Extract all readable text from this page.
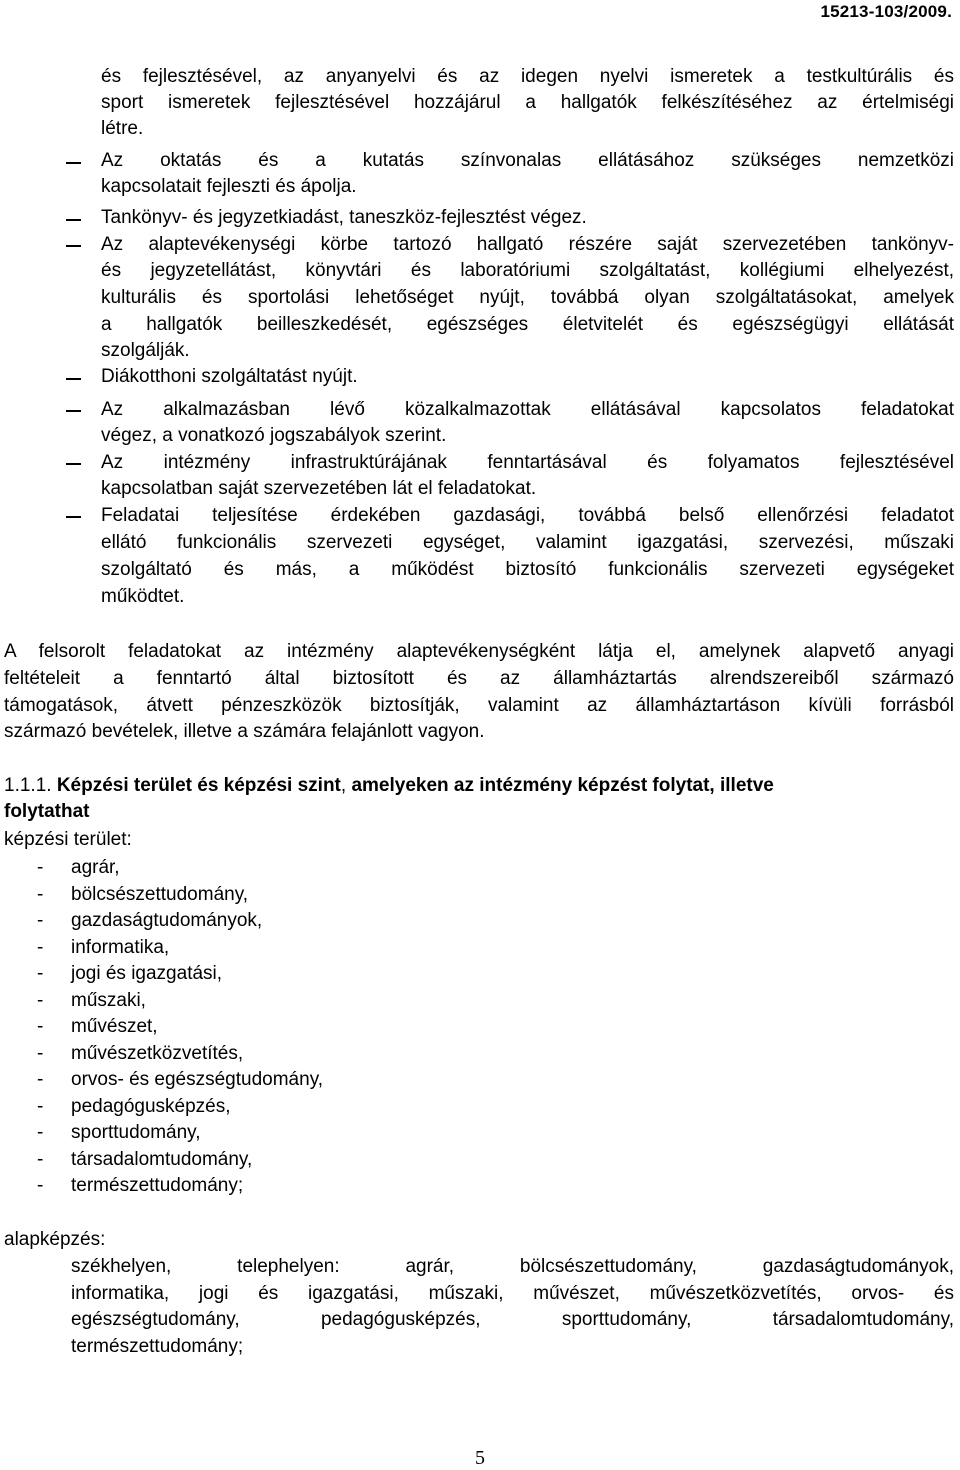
15213-103/2009.
és fejlesztésével, az anyanyelvi és az idegen nyelvi ismeretek a testkultúrális és
sport ismeretek fejlesztésével hozzájárul a hallgatók felkészítéséhez az értelmiségi
létre.
Az oktatás és a kutatás színvonalas ellátásához szükséges nemzetközi
kapcsolatait fejleszti és ápolja.
Tankönyv- és jegyzetkiadást, taneszköz-fejlesztést végez.
Az alaptevékenységi körbe tartozó hallgató részére saját szervezetében tankönyv-
és jegyzetellátást, könyvtári és laboratóriumi szolgáltatást, kollégiumi elhelyezést,
kulturális és sportolási lehetőséget nyújt, továbbá olyan szolgáltatásokat, amelyek
a hallgatók beilleszkedését, egészséges életvitelét és egészségügyi ellátását
szolgálják.
Diákotthoni szolgáltatást nyújt.
Az alkalmazásban lévő közalkalmazottak ellátásával kapcsolatos feladatokat
végez, a vonatkozó jogszabályok szerint.
Az intézmény infrastruktúrájának fenntartásával és folyamatos fejlesztésével
kapcsolatban saját szervezetében lát el feladatokat.
Feladatai teljesítése érdekében gazdasági, továbbá belső ellenőrzési feladatot
ellátó funkcionális szervezeti egységet, valamint igazgatási, szervezési, műszaki
szolgáltató és más, a működést biztosító funkcionális szervezeti egységeket
működtet.
A felsorolt feladatokat az intézmény alaptevékenységként látja el, amelynek alapvető anyagi
feltételeit a fenntartó által biztosított és az államháztartás alrendszereiből származó
támogatások, átvett pénzeszközök biztosítják, valamint az államháztartáson kívüli forrásból
származó bevételek, illetve a számára felajánlott vagyon.
1.1.1. Képzési terület és képzési szint, amelyeken az intézmény képzést folytat, illetve
folytathat
képzési terület:
- agrár,
- bölcsészettudomány,
- gazdaságtudományok,
- informatika,
- jogi és igazgatási,
- műszaki,
- művészet,
- művészetközvetítés,
- orvos- és egészségtudomány,
- pedagógusképzés,
- sporttudomány,
- társadalomtudomány,
- természettudomány;
alapképzés:
székhelyen, telephelyen: agrár, bölcsészettudomány, gazdaságtudományok,
informatika, jogi és igazgatási, műszaki, művészet, művészetközvetítés, orvos- és
egészségtudomány, pedagógusképzés, sporttudomány, társadalomtudomány,
természettudomány;
5
